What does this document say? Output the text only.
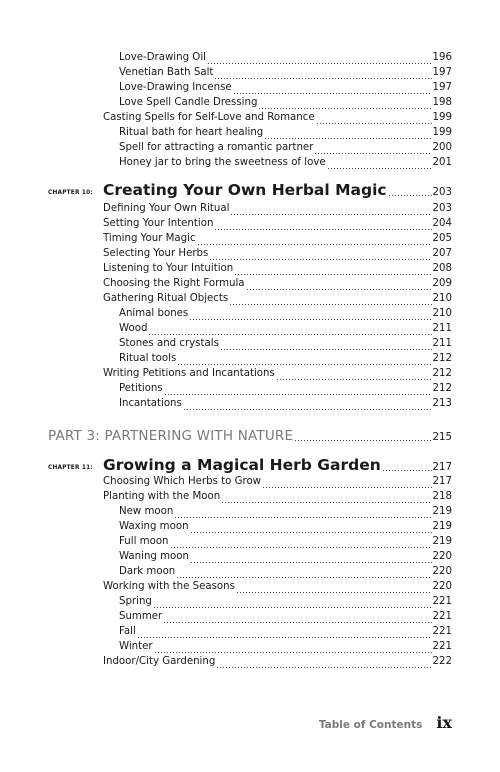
Love-Drawing Oil	196
Venetian Bath Salt	197
Love-Drawing Incense	197
Love Spell Candle Dressing	198
Casting Spells for Self-Love and Romance	199
Ritual bath for heart healing	199
Spell for attracting a romantic partner	200
Honey jar to bring the sweetness of love	201
CHAPTER 10: Creating Your Own Herbal Magic	203
Defining Your Own Ritual	203
Setting Your Intention	204
Timing Your Magic	205
Selecting Your Herbs	207
Listening to Your Intuition	208
Choosing the Right Formula	209
Gathering Ritual Objects	210
Animal bones	210
Wood	211
Stones and crystals	211
Ritual tools	212
Writing Petitions and Incantations	212
Petitions	212
Incantations	213
PART 3: PARTNERING WITH NATURE	215
CHAPTER 11: Growing a Magical Herb Garden	217
Choosing Which Herbs to Grow	217
Planting with the Moon	218
New moon	219
Waxing moon	219
Full moon	219
Waning moon	220
Dark moon	220
Working with the Seasons	220
Spring	221
Summer	221
Fall	221
Winter	221
Indoor/City Gardening	222
Table of Contents ix
